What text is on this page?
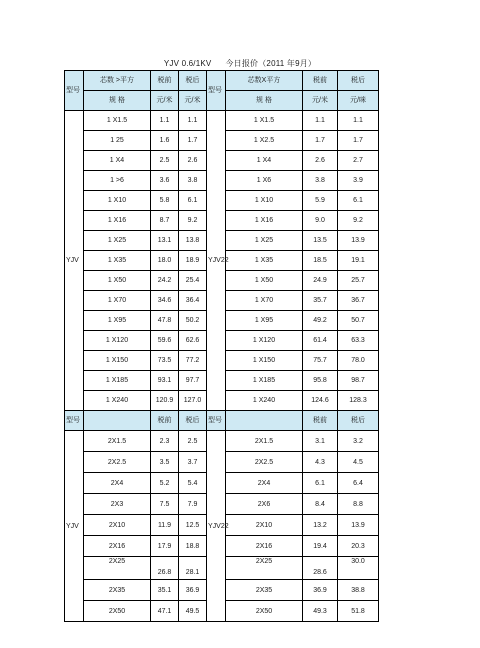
YJV 0.6/1KV 今日报价（2011 年9月）
型号	芯数 >平方	税前	税后	型号	芯数X平方	税前	税后
	规 格	元/米	元/米		规 格	元/米	元/咪
YJV	1 X1.5	1.1	1.1	YJV22	1 X1.5	1.1	1.1
	1 25	1.6	1.7		1 X2.5	1.7	1.7
	1 X4	2.5	2.6		1 X4	2.6	2.7
	1 >6	3.6	3.8		1 X6	3.8	3.9
	1 X10	5.8	6.1		1 X10	5.9	6.1
	1 X16	8.7	9.2		1 X16	9.0	9.2
	1 X25	13.1	13.8		1 X25	13.5	13.9
	1 X35	18.0	18.9		1 X35	18.5	19.1
	1 X50	24.2	25.4		1 X50	24.9	25.7
	1 X70	34.6	36.4		1 X70	35.7	36.7
	1 X95	47.8	50.2		1 X95	49.2	50.7
	1 X120	59.6	62.6		1 X120	61.4	63.3
	1 X150	73.5	77.2		1 X150	75.7	78.0
	1 X185	93.1	97.7		1 X185	95.8	98.7
	1 X240	120.9	127.0		1 X240	124.6	128.3
型号		税前	税后	型号		税前	税后
YJV	2X1.5	2.3	2.5	YJV22	2X1.5	3.1	3.2
	2X2.5	3.5	3.7		2X2.5	4.3	4.5
	2X4	5.2	5.4		2X4	6.1	6.4
	2X3	7.5	7.9		2X6	8.4	8.8
	2X10	11.9	12.5		2X10	13.2	13.9
	2X16	17.9	18.8		2X16	19.4	20.3
	2X25	26.8	28.1		2X25	28.6	30.0
	2X35	35.1	36.9		2X35	36.9	38.8
	2X50	47.1	49.5		2X50	49.3	51.8
